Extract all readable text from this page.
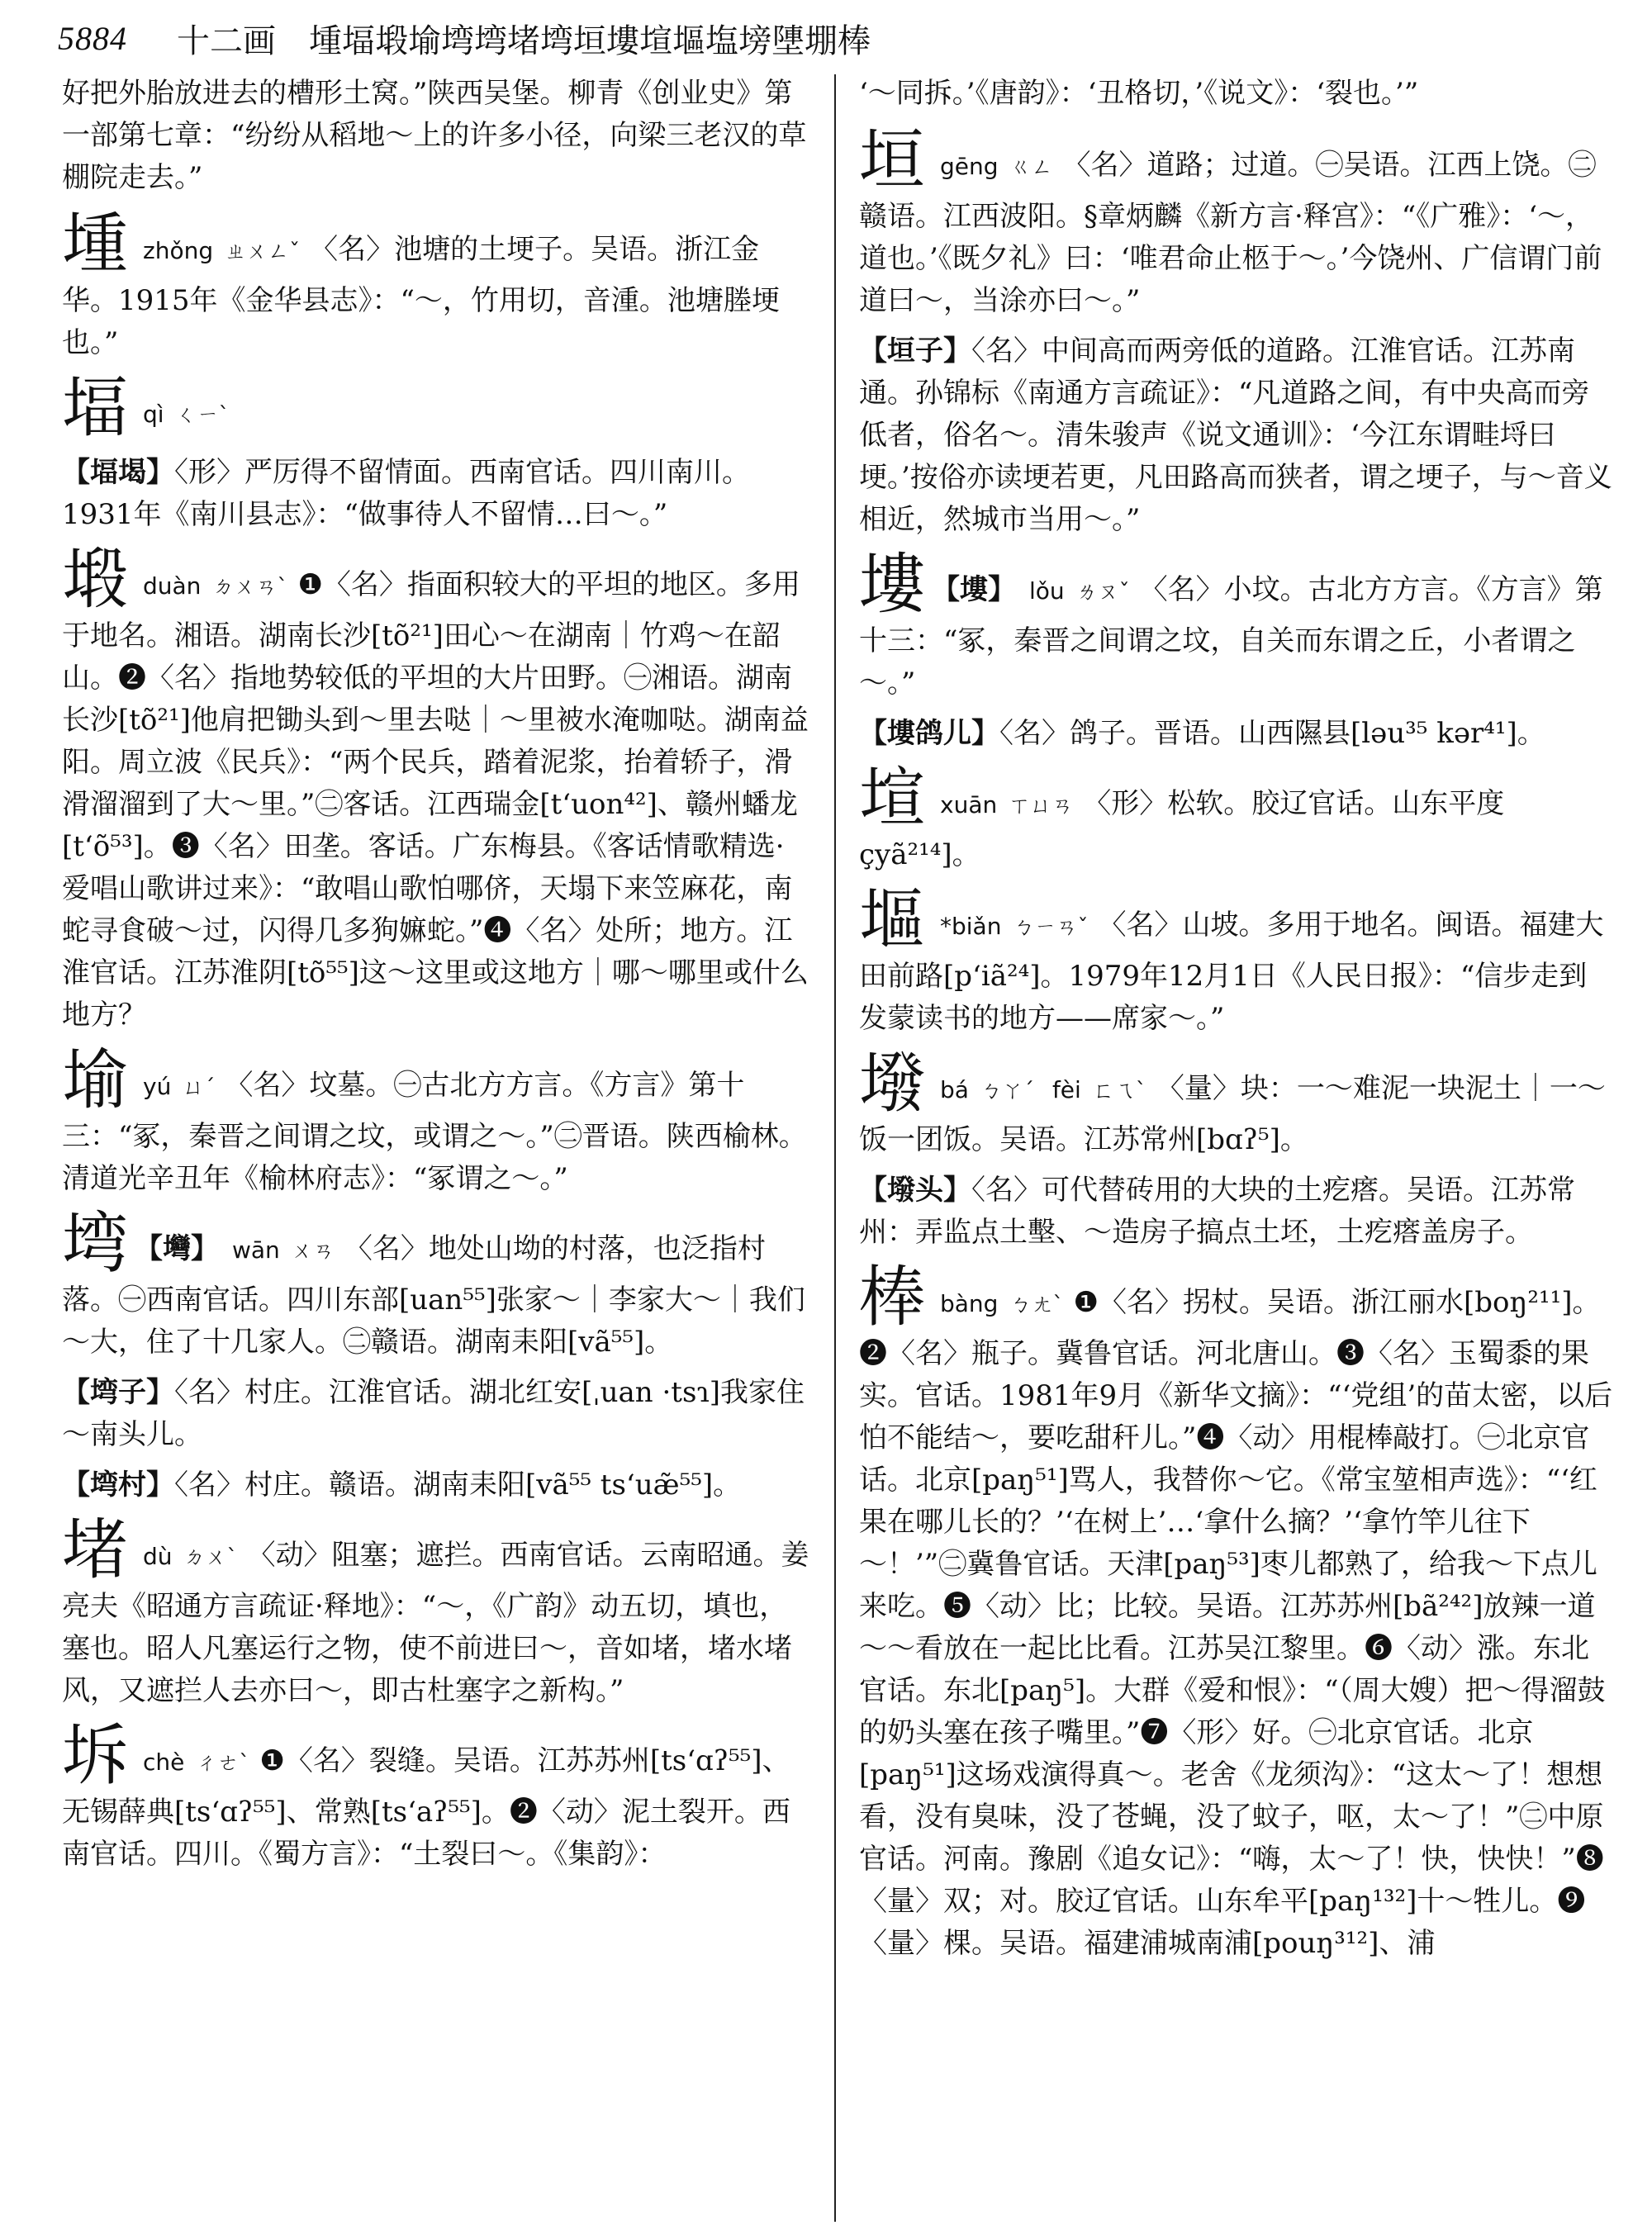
5884 十二画 堹堛塅堬塆塆堵塆垣塿塇塸塩塝塦堋棒

好把外胎放进去的槽形土窝。”陕西吴堡。柳青《创业史》第一部第七章：“纷纷从稻地～上的许多小径，向梁三老汉的草棚院走去。”

堹zhǒng ㄓㄨㄥˇ 〈名〉池塘的土埂子。吴语。浙江金华。1915年《金华县志》：“～，竹用切，音湩。池塘塍埂也。”

堛qì ㄑㄧˋ

【堛堨】〈形〉严厉得不留情面。西南官话。四川南川。1931年《南川县志》：“做事待人不留情…曰～。”

塅duàn ㄉㄨㄢˋ ❶〈名〉指面积较大的平坦的地区。多用于地名。湘语。湖南长沙[tõ²¹]田心～在湖南｜竹鸡～在韶山。❷〈名〉指地势较低的平坦的大片田野。㊀湘语。湖南长沙[tõ²¹]他肩把锄头到～里去哒｜～里被水淹咖哒。湖南益阳。周立波《民兵》：“两个民兵，踏着泥浆，抬着轿子，滑滑溜溜到了大～里。”㊁客话。江西瑞金[t‘uon⁴²]、赣州蟠龙[t‘õ⁵³]。❸〈名〉田垄。客话。广东梅县。《客话情歌精选·爱唱山歌讲过来》：“敢唱山歌怕哪侪，天塌下来笠麻花，南蛇寻食破～过，闪得几多狗嫲蛇。”❹〈名〉处所；地方。江淮官话。江苏淮阴[tõ⁵⁵]这～这里或这地方｜哪～哪里或什么地方？

堬yú ㄩˊ 〈名〉坟墓。㊀古北方方言。《方言》第十三：“冢，秦晋之间谓之坟，或谓之～。”㊁晋语。陕西榆林。清道光辛丑年《榆林府志》：“冢谓之～。”

塆 【壪】 wān ㄨㄢ 〈名〉地处山坳的村落，也泛指村落。㊀西南官话。四川东部[uan⁵⁵]张家～｜李家大～｜我们～大，住了十几家人。㊁赣语。湖南耒阳[vã⁵⁵]。

【塆子】〈名〉村庄。江淮官话。湖北红安[ˌuan ·tsɿ]我家住～南头儿。

【塆村】〈名〉村庄。赣语。湖南耒阳[vã⁵⁵ ts‘uæ̃⁵⁵]。

堵dù ㄉㄨˋ 〈动〉阻塞；遮拦。西南官话。云南昭通。姜亮夫《昭通方言疏证·释地》：“～，《广韵》动五切，填也，塞也。昭人凡塞运行之物，使不前进曰～，音如堵，堵水堵风，又遮拦人去亦曰～，即古杜塞字之新构。”

坼chè ㄔㄜˋ ❶〈名〉裂缝。吴语。江苏苏州[ts‘ɑʔ⁵⁵]、无锡薛典[ts‘ɑʔ⁵⁵]、常熟[ts‘aʔ⁵⁵]。❷〈动〉泥土裂开。西南官话。四川。《蜀方言》：“土裂曰～。《集韵》：

‘～同拆。’《唐韵》：‘丑格切，’《说文》：‘裂也。’”

垣gēng ㄍㄥ 〈名〉道路；过道。㊀吴语。江西上饶。㊁赣语。江西波阳。§章炳麟《新方言·释宫》：“《广雅》：‘～，道也。’《既夕礼》曰：‘唯君命止柩于～。’今饶州、广信谓门前道曰～，当涂亦曰～。”

【垣子】〈名〉中间高而两旁低的道路。江淮官话。江苏南通。孙锦标《南通方言疏证》：“凡道路之间，有中央高而旁低者，俗名～。清朱骏声《说文通训》：‘今江东谓畦埒曰埂。’按俗亦读埂若更，凡田路高而狭者，谓之埂子，与～音义相近，然城市当用～。”

塿 【塿】 lǒu ㄌㄡˇ 〈名〉小坟。古北方方言。《方言》第十三：“冢，秦晋之间谓之坟，自关而东谓之丘，小者谓之～。”

【塿鸽儿】〈名〉鸽子。晋语。山西隰县[ləu³⁵ kər⁴¹]。

塇xuān ㄒㄩㄢ 〈形〉松软。胶辽官话。山东平度 çyã²¹⁴]。

塸 *biǎn ㄅㄧㄢˇ 〈名〉山坡。多用于地名。闽语。福建大田前路[p‘iã²⁴]。1979年12月1日《人民日报》：“信步走到发蒙读书的地方——席家～。”

墢bá ㄅㄚˊ fèi ㄈㄟˋ 〈量〉块：一～难泥一块泥土｜一～饭一团饭。吴语。江苏常州[bɑʔ⁵]。

【墢头】〈名〉可代替砖用的大块的土疙瘩。吴语。江苏常州：弄监点土墼、～造房子搞点土坯，土疙瘩盖房子。

棒bàng ㄅㄤˋ ❶〈名〉拐杖。吴语。浙江丽水[boŋ²¹¹]。❷〈名〉瓶子。冀鲁官话。河北唐山。❸〈名〉玉蜀黍的果实。官话。1981年9月《新华文摘》：“‘党组’的苗太密，以后怕不能结～，要吃甜秆儿。”❹〈动〉用棍棒敲打。㊀北京官话。北京[paŋ⁵¹]骂人，我替你～它。《常宝堃相声选》：“‘红果在哪儿长的？’‘在树上’…‘拿什么摘？’‘拿竹竿儿往下～！’”㊁冀鲁官话。天津[paŋ⁵³]枣儿都熟了，给我～下点儿来吃。❺〈动〉比；比较。吴语。江苏苏州[bã²⁴²]放辣一道～～看放在一起比比看。江苏吴江黎里。❻〈动〉涨。东北官话。东北[paŋ⁵]。大群《爱和恨》：“（周大嫂）把～得溜鼓的奶头塞在孩子嘴里。”❼〈形〉好。㊀北京官话。北京[paŋ⁵¹]这场戏演得真～。老舍《龙须沟》：“这太～了！想想看，没有臭味，没了苍蝇，没了蚊子，呕，太～了！”㊁中原官话。河南。豫剧《追女记》：“嗨，太～了！快，快快！”❽〈量〉双；对。胶辽官话。山东牟平[paŋ¹³²]十～牲儿。❾〈量〉棵。吴语。福建浦城南浦[pouŋ³¹²]、浦
